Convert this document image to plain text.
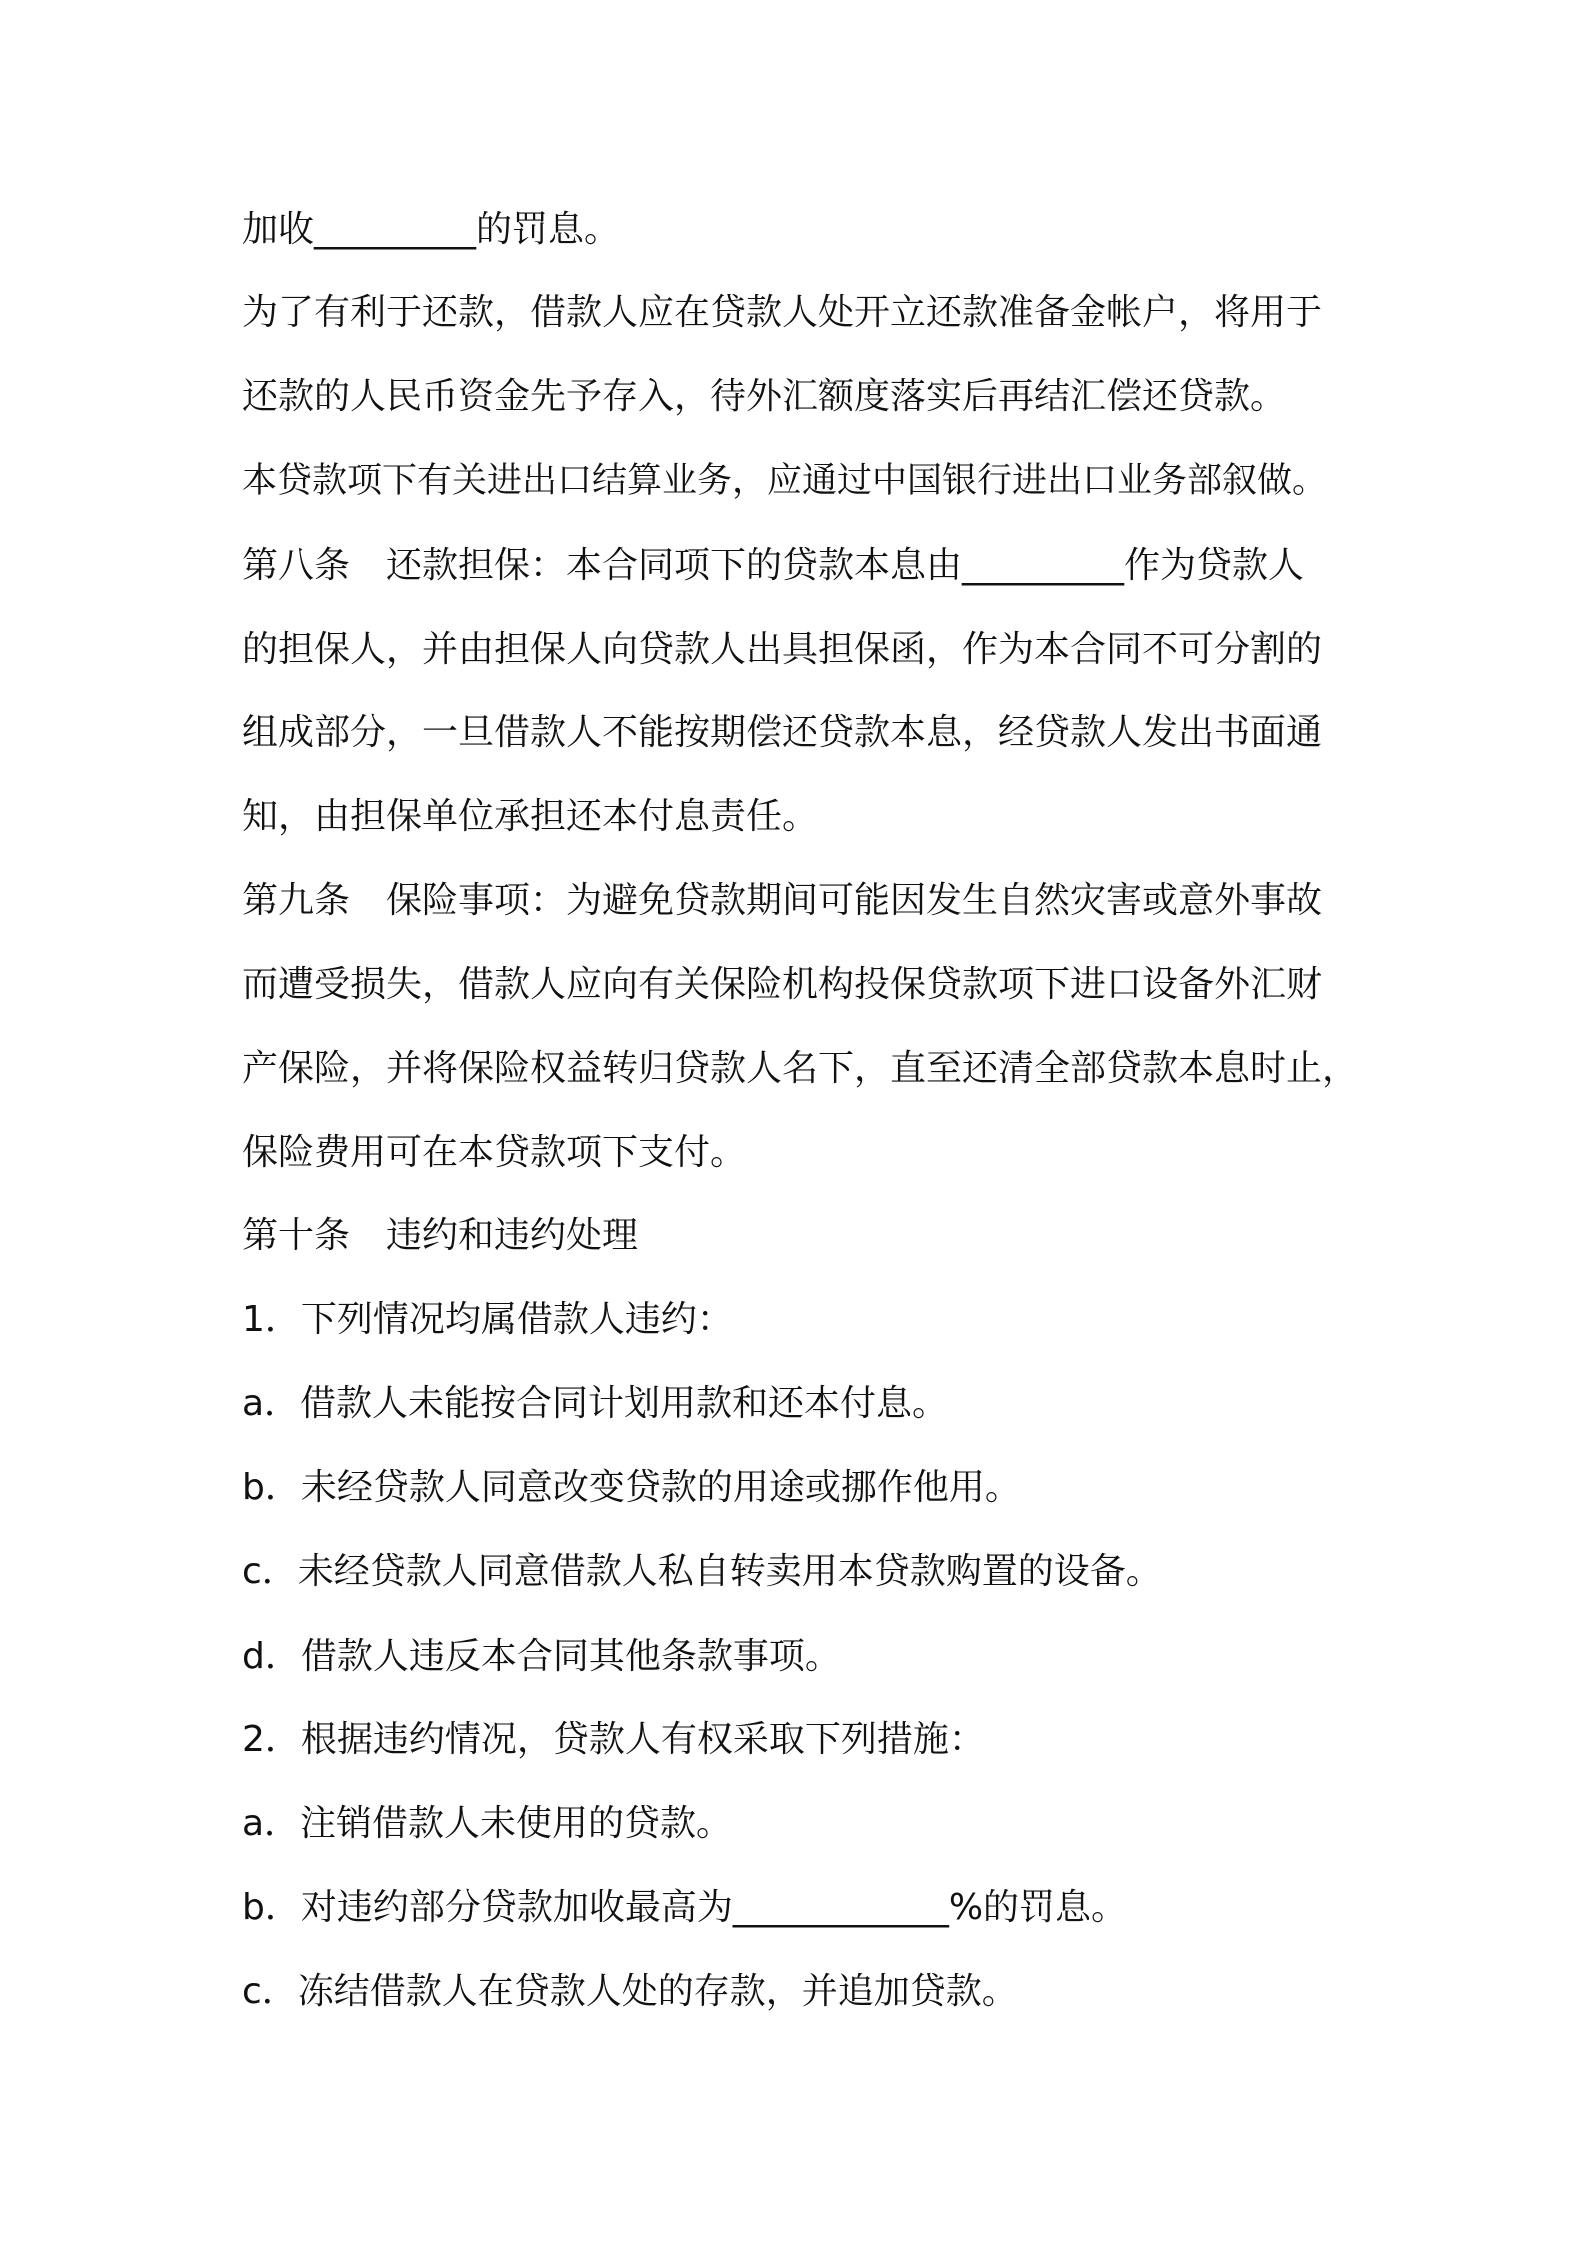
加收_________的罚息。

为了有利于还款，借款人应在贷款人处开立还款准备金帐户，将用于

还款的人民币资金先予存入，待外汇额度落实后再结汇偿还贷款。

本贷款项下有关进出口结算业务，应通过中国银行进出口业务部叙做。

第八条　还款担保：本合同项下的贷款本息由_________作为贷款人

的担保人，并由担保人向贷款人出具担保函，作为本合同不可分割的

组成部分，一旦借款人不能按期偿还贷款本息，经贷款人发出书面通

知，由担保单位承担还本付息责任。

第九条　保险事项：为避免贷款期间可能因发生自然灾害或意外事故

而遭受损失，借款人应向有关保险机构投保贷款项下进口设备外汇财

产保险，并将保险权益转归贷款人名下，直至还清全部贷款本息时止，

保险费用可在本贷款项下支付。

第十条　违约和违约处理

1．下列情况均属借款人违约：

a．借款人未能按合同计划用款和还本付息。

b．未经贷款人同意改变贷款的用途或挪作他用。

c．未经贷款人同意借款人私自转卖用本贷款购置的设备。

d．借款人违反本合同其他条款事项。

2．根据违约情况，贷款人有权采取下列措施：

a．注销借款人未使用的贷款。

b．对违约部分贷款加收最高为____________%的罚息。

c．冻结借款人在贷款人处的存款，并追加贷款。
